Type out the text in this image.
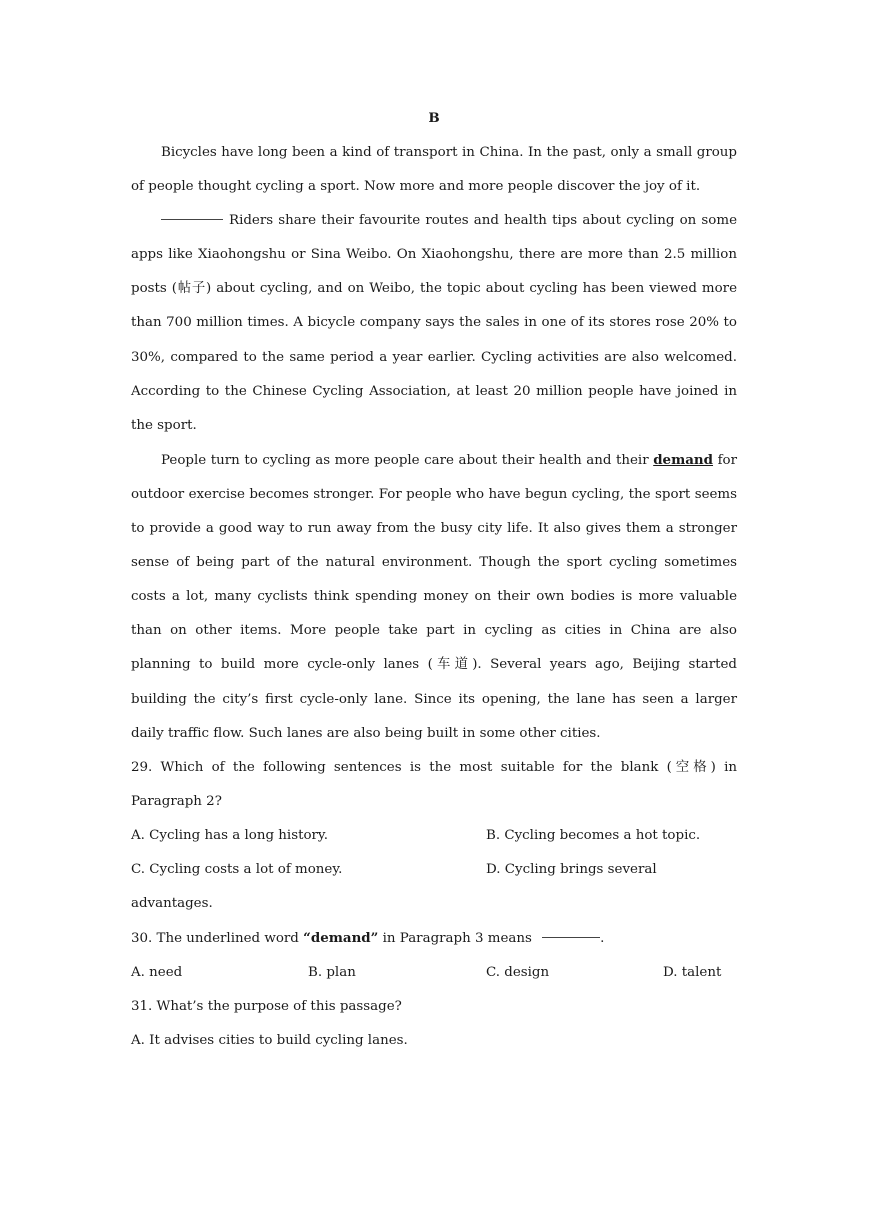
B

Bicycles have long been a kind of transport in China. In the past, only a small group of people thought cycling a sport. Now more and more people discover the joy of it.

Riders share their favourite routes and health tips about cycling on some apps like Xiaohongshu or Sina Weibo. On Xiaohongshu, there are more than 2.5 million posts (帖子) about cycling, and on Weibo, the topic about cycling has been viewed more than 700 million times. A bicycle company says the sales in one of its stores rose 20% to 30%, compared to the same period a year earlier. Cycling activities are also welcomed. According to the Chinese Cycling Association, at least 20 million people have joined in the sport.

People turn to cycling as more people care about their health and their demand for outdoor exercise becomes stronger. For people who have begun cycling, the sport seems to provide a good way to run away from the busy city life. It also gives them a stronger sense of being part of the natural environment. Though the sport cycling sometimes costs a lot, many cyclists think spending money on their own bodies is more valuable than on other items. More people take part in cycling as cities in China are also planning to build more cycle-only lanes (车道). Several years ago, Beijing started building the city’s first cycle-only lane. Since its opening, the lane has seen a larger daily traffic flow. Such lanes are also being built in some other cities.

29. Which of the following sentences is the most suitable for the blank (空格) in Paragraph 2?

A. Cycling has a long history.	B. Cycling becomes a hot topic.
C. Cycling costs a lot of money.	D. Cycling brings several

advantages.

30. The underlined word “demand” in Paragraph 3 means	.

A. need	B. plan	C. design	D. talent

31. What’s the purpose of this passage?

A. It advises cities to build cycling lanes.
